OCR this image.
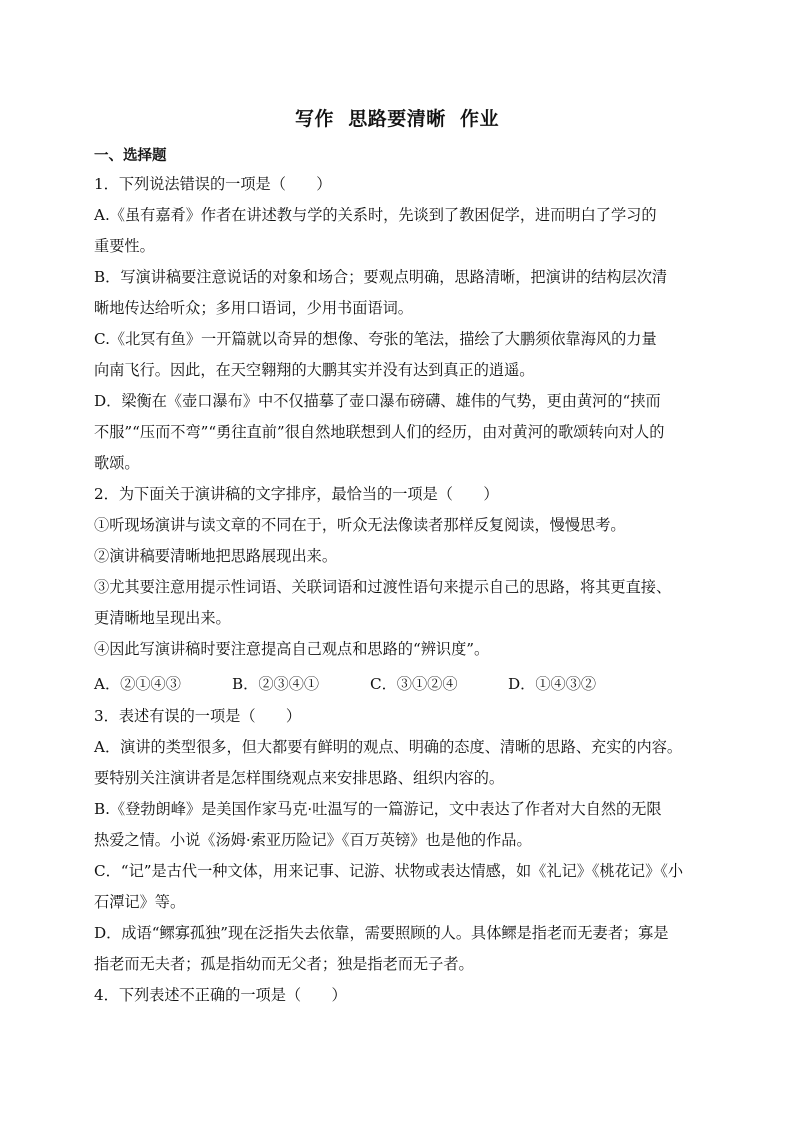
写作  思路要清晰  作业
一、选择题
1．下列说法错误的一项是（　　）
A.《虽有嘉肴》作者在讲述教与学的关系时，先谈到了教困促学，进而明白了学习的
重要性。
B．写演讲稿要注意说话的对象和场合；要观点明确，思路清晰，把演讲的结构层次清
晰地传达给听众；多用口语词，少用书面语词。
C.《北冥有鱼》一开篇就以奇异的想像、夸张的笔法，描绘了大鹏须依靠海风的力量
向南飞行。因此，在天空翱翔的大鹏其实并没有达到真正的逍遥。
D．梁衡在《壶口瀑布》中不仅描摹了壶口瀑布磅礴、雄伟的气势，更由黄河的“挟而
不服”“压而不弯”“勇往直前”很自然地联想到人们的经历，由对黄河的歌颂转向对人的
歌颂。
2．为下面关于演讲稿的文字排序，最恰当的一项是（　　）
①听现场演讲与读文章的不同在于，听众无法像读者那样反复阅读，慢慢思考。
②演讲稿要清晰地把思路展现出来。
③尤其要注意用提示性词语、关联词语和过渡性语句来提示自己的思路，将其更直接、
更清晰地呈现出来。
④因此写演讲稿时要注意提高自己观点和思路的“辨识度”。
A．②①④③	B．②③④①	C．③①②④	D．①④③②
3．表述有误的一项是（　　）
A．演讲的类型很多，但大都要有鲜明的观点、明确的态度、清晰的思路、充实的内容。
要特别关注演讲者是怎样围绕观点来安排思路、组织内容的。
B.《登勃朗峰》是美国作家马克·吐温写的一篇游记，文中表达了作者对大自然的无限
热爱之情。小说《汤姆·索亚历险记》《百万英镑》也是他的作品。
C．“记”是古代一种文体，用来记事、记游、状物或表达情感，如《礼记》《桃花记》《小
石潭记》等。
D．成语“鳏寡孤独”现在泛指失去依靠，需要照顾的人。具体鳏是指老而无妻者；寡是
指老而无夫者；孤是指幼而无父者；独是指老而无子者。
4．下列表述不正确的一项是（　　）
